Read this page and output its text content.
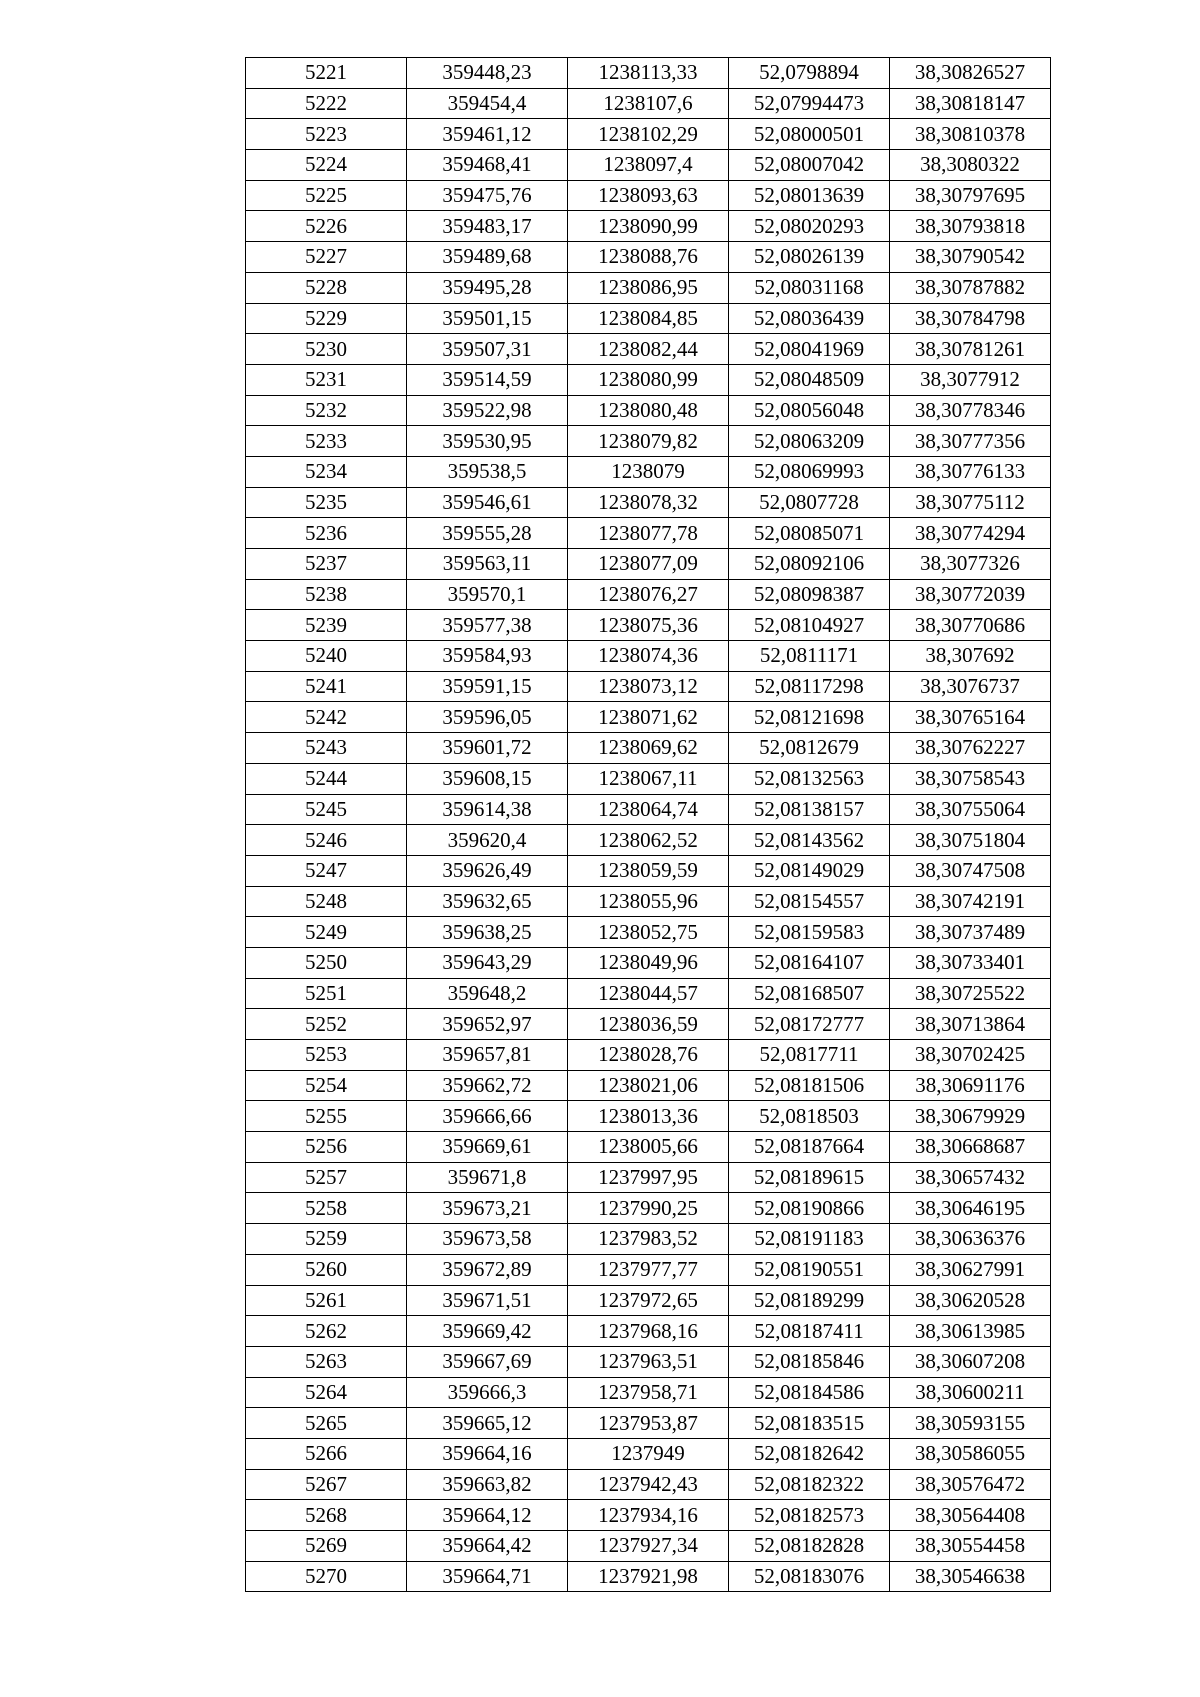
5221	359448,23	1238113,33	52,0798894	38,30826527
5222	359454,4	1238107,6	52,07994473	38,30818147
5223	359461,12	1238102,29	52,08000501	38,30810378
5224	359468,41	1238097,4	52,08007042	38,3080322
5225	359475,76	1238093,63	52,08013639	38,30797695
5226	359483,17	1238090,99	52,08020293	38,30793818
5227	359489,68	1238088,76	52,08026139	38,30790542
5228	359495,28	1238086,95	52,08031168	38,30787882
5229	359501,15	1238084,85	52,08036439	38,30784798
5230	359507,31	1238082,44	52,08041969	38,30781261
5231	359514,59	1238080,99	52,08048509	38,3077912
5232	359522,98	1238080,48	52,08056048	38,30778346
5233	359530,95	1238079,82	52,08063209	38,30777356
5234	359538,5	1238079	52,08069993	38,30776133
5235	359546,61	1238078,32	52,0807728	38,30775112
5236	359555,28	1238077,78	52,08085071	38,30774294
5237	359563,11	1238077,09	52,08092106	38,3077326
5238	359570,1	1238076,27	52,08098387	38,30772039
5239	359577,38	1238075,36	52,08104927	38,30770686
5240	359584,93	1238074,36	52,0811171	38,307692
5241	359591,15	1238073,12	52,08117298	38,3076737
5242	359596,05	1238071,62	52,08121698	38,30765164
5243	359601,72	1238069,62	52,0812679	38,30762227
5244	359608,15	1238067,11	52,08132563	38,30758543
5245	359614,38	1238064,74	52,08138157	38,30755064
5246	359620,4	1238062,52	52,08143562	38,30751804
5247	359626,49	1238059,59	52,08149029	38,30747508
5248	359632,65	1238055,96	52,08154557	38,30742191
5249	359638,25	1238052,75	52,08159583	38,30737489
5250	359643,29	1238049,96	52,08164107	38,30733401
5251	359648,2	1238044,57	52,08168507	38,30725522
5252	359652,97	1238036,59	52,08172777	38,30713864
5253	359657,81	1238028,76	52,0817711	38,30702425
5254	359662,72	1238021,06	52,08181506	38,30691176
5255	359666,66	1238013,36	52,0818503	38,30679929
5256	359669,61	1238005,66	52,08187664	38,30668687
5257	359671,8	1237997,95	52,08189615	38,30657432
5258	359673,21	1237990,25	52,08190866	38,30646195
5259	359673,58	1237983,52	52,08191183	38,30636376
5260	359672,89	1237977,77	52,08190551	38,30627991
5261	359671,51	1237972,65	52,08189299	38,30620528
5262	359669,42	1237968,16	52,08187411	38,30613985
5263	359667,69	1237963,51	52,08185846	38,30607208
5264	359666,3	1237958,71	52,08184586	38,30600211
5265	359665,12	1237953,87	52,08183515	38,30593155
5266	359664,16	1237949	52,08182642	38,30586055
5267	359663,82	1237942,43	52,08182322	38,30576472
5268	359664,12	1237934,16	52,08182573	38,30564408
5269	359664,42	1237927,34	52,08182828	38,30554458
5270	359664,71	1237921,98	52,08183076	38,30546638
